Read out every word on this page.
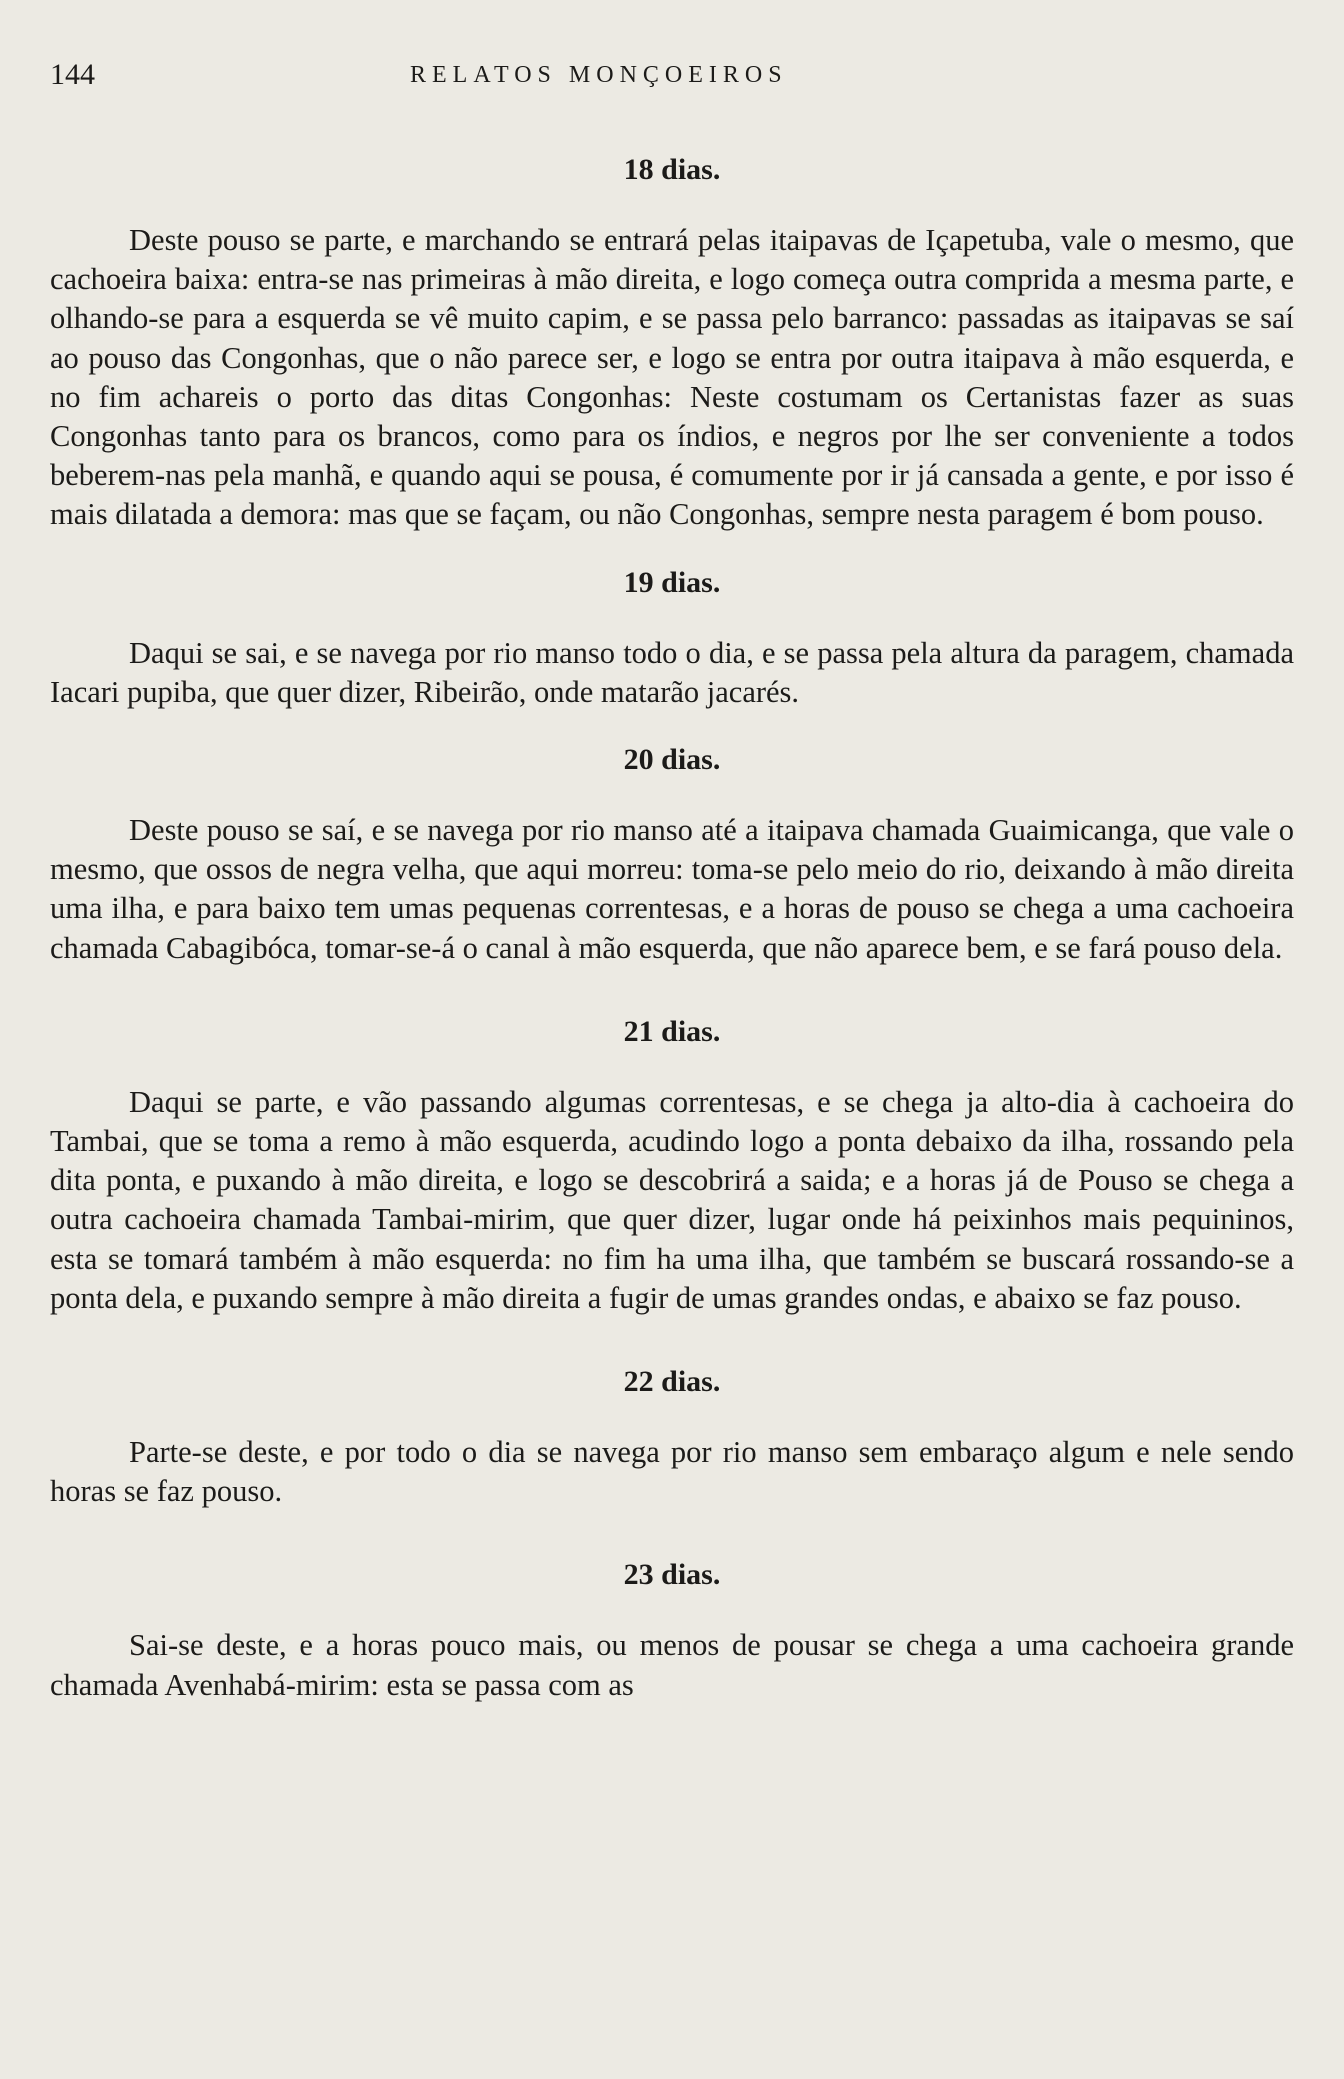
144	RELATOS MONÇOEIROS
18 dias.

Deste pouso se parte, e marchando se entrará pelas itaipavas de Içapetuba, vale o mesmo, que cachoeira baixa: entra-se nas primeiras à mão direita, e logo começa outra comprida a mesma parte, e olhando-se para a esquerda se vê muito capim, e se passa pelo barranco: passadas as itaipavas se saí ao pouso das Congonhas, que o não parece ser, e logo se entra por outra itaipava à mão esquerda, e no fim achareis o porto das ditas Congonhas: Neste costumam os Certanistas fazer as suas Congonhas tanto para os brancos, como para os índios, e negros por lhe ser conveniente a todos beberem-nas pela manhã, e quando aqui se pousa, é comumente por ir já cansada a gente, e por isso é mais dilatada a demora: mas que se façam, ou não Congonhas, sempre nesta paragem é bom pouso.

19 dias.

Daqui se sai, e se navega por rio manso todo o dia, e se passa pela altura da paragem, chamada Iacari pupiba, que quer dizer, Ribeirão, onde matarão jacarés.

20 dias.

Deste pouso se saí, e se navega por rio manso até a itaipava chamada Guaimicanga, que vale o mesmo, que ossos de negra velha, que aqui morreu: toma-se pelo meio do rio, deixando à mão direita uma ilha, e para baixo tem umas pequenas correntesas, e a horas de pouso se chega a uma cachoeira chamada Cabagibóca, tomar-se-á o canal à mão esquerda, que não aparece bem, e se fará pouso dela.

21 dias.

Daqui se parte, e vão passando algumas correntesas, e se chega ja alto-dia à cachoeira do Tambai, que se toma a remo à mão esquerda, acudindo logo a ponta debaixo da ilha, rossando pela dita ponta, e puxando à mão direita, e logo se descobrirá a saida; e a horas já de Pouso se chega a outra cachoeira chamada Tambai-mirim, que quer dizer, lugar onde há peixinhos mais pequininos, esta se tomará também à mão esquerda: no fim ha uma ilha, que também se buscará rossando-se a ponta dela, e puxando sempre à mão direita a fugir de umas grandes ondas, e abaixo se faz pouso.

22 dias.

Parte-se deste, e por todo o dia se navega por rio manso sem embaraço algum e nele sendo horas se faz pouso.

23 dias.

Sai-se deste, e a horas pouco mais, ou menos de pousar se chega a uma cachoeira grande chamada Avenhabá-mirim: esta se passa com as
